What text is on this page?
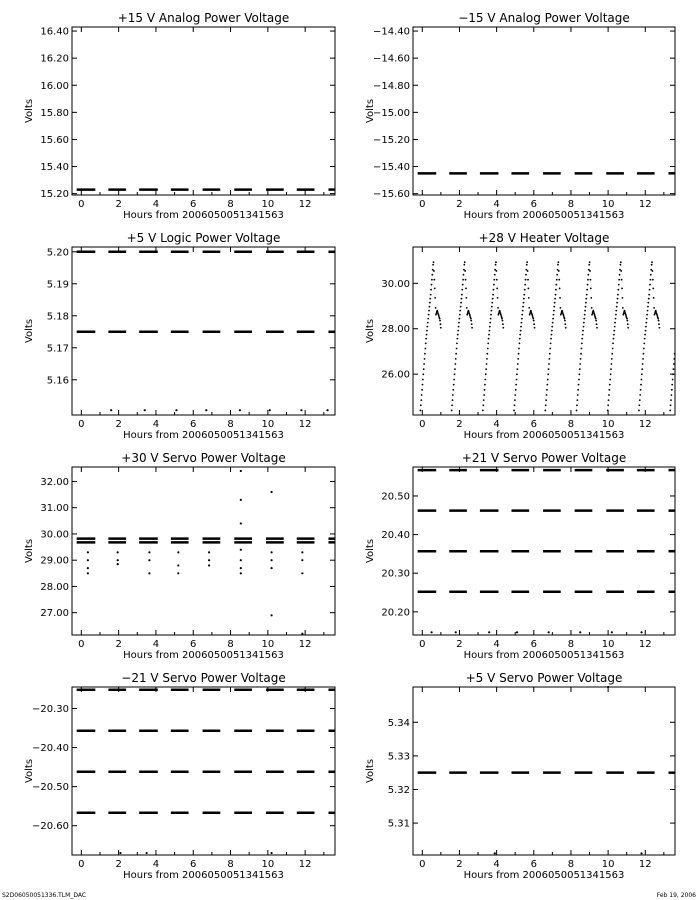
+15 V Analog Power Voltage
Hours from 2006050051341563
Volts
0	2	4	6	8	10 12
15.20
15.40
15.60
15.80
16.00
16.20
16.40
−15 V Analog Power Voltage
Hours from 2006050051341563
Volts
0	2	4	6	8	10 12
−15.60
−15.40
−15.20
−15.00
−14.80
−14.60
−14.40
+5 V Logic Power Voltage
Hours from 2006050051341563
Volts
0	2	4	6	8	10 12
5.16
5.17
5.18
5.19
5.20
+28 V Heater Voltage
Hours from 2006050051341563
Volts
0	2	4	6	8	10 12
26.00
28.00
30.00
+30 V Servo Power Voltage
Hours from 2006050051341563
Volts
0	2	4	6	8	10 12
27.00
28.00
29.00
30.00
31.00
32.00
+21 V Servo Power Voltage
Hours from 2006050051341563
Volts
0	2	4	6	8	10 12
20.20
20.30
20.40
20.50
−21 V Servo Power Voltage
Hours from 2006050051341563
Volts
0	2	4	6	8	10 12
−20.60
−20.50
−20.40
−20.30
+5 V Servo Power Voltage
Hours from 2006050051341563
Volts
0	2	4	6	8	10 12
5.31
5.32
5.33
5.34
S2D06050051336.TLM_DAC	Feb 19, 2006
